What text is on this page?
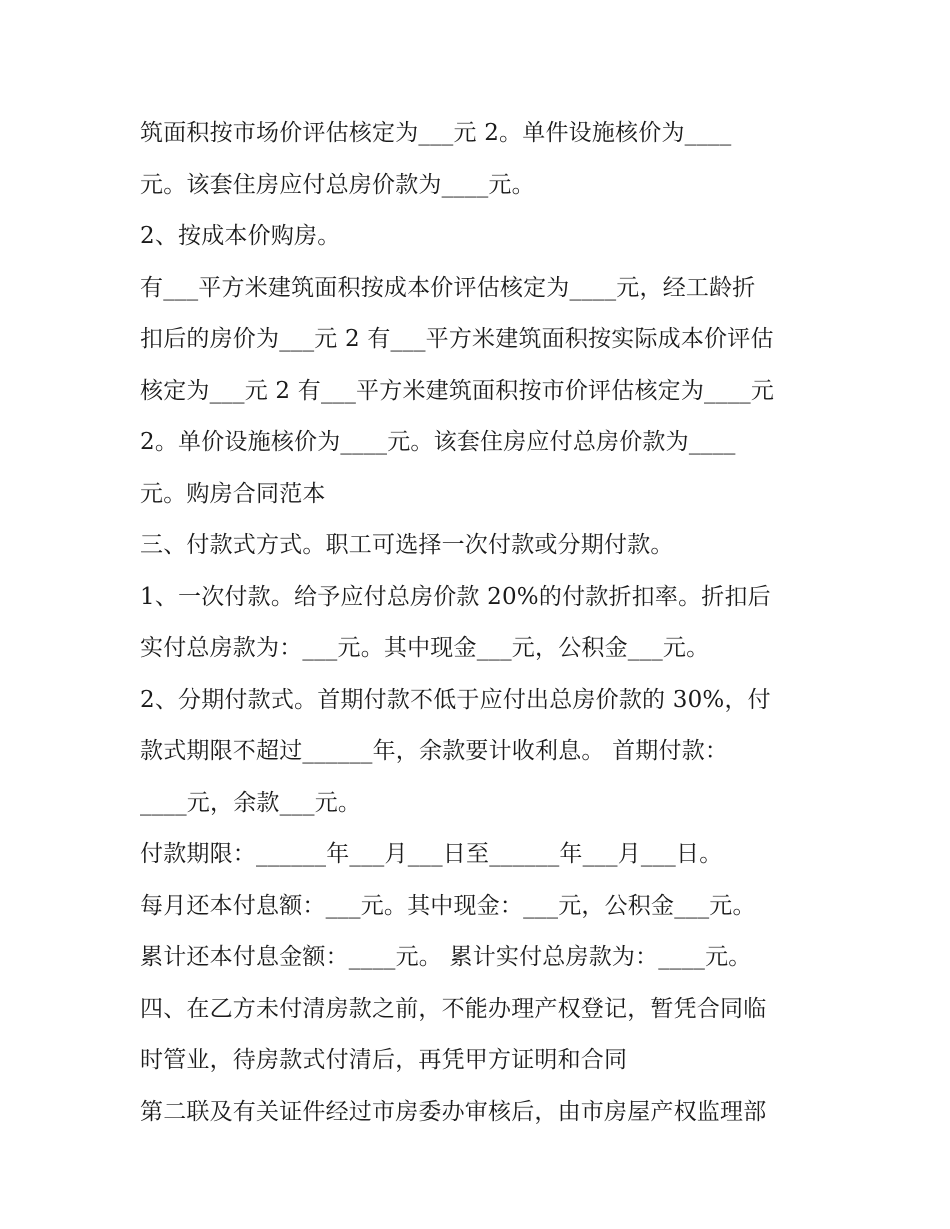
筑面积按市场价评估核定为___元 2。单件设施核价为____
元。该套住房应付总房价款为____元。
2、按成本价购房。
有___平方米建筑面积按成本价评估核定为____元，经工龄折
扣后的房价为___元 2 有___平方米建筑面积按实际成本价评估
核定为___元 2 有___平方米建筑面积按市价评估核定为____元
2。单价设施核价为____元。该套住房应付总房价款为____
元。购房合同范本
三、付款式方式。职工可选择一次付款或分期付款。
1、一次付款。给予应付总房价款 20%的付款折扣率。折扣后
实付总房款为：___元。其中现金___元，公积金___元。
2、分期付款式。首期付款不低于应付出总房价款的 30%，付
款式期限不超过______年，余款要计收利息。 首期付款：
____元，余款___元。
付款期限：______年___月___日至______年___月___日。
每月还本付息额：___元。其中现金：___元，公积金___元。
累计还本付息金额：____元。 累计实付总房款为：____元。
四、在乙方未付清房款之前，不能办理产权登记，暂凭合同临
时管业，待房款式付清后，再凭甲方证明和合同
第二联及有关证件经过市房委办审核后，由市房屋产权监理部
